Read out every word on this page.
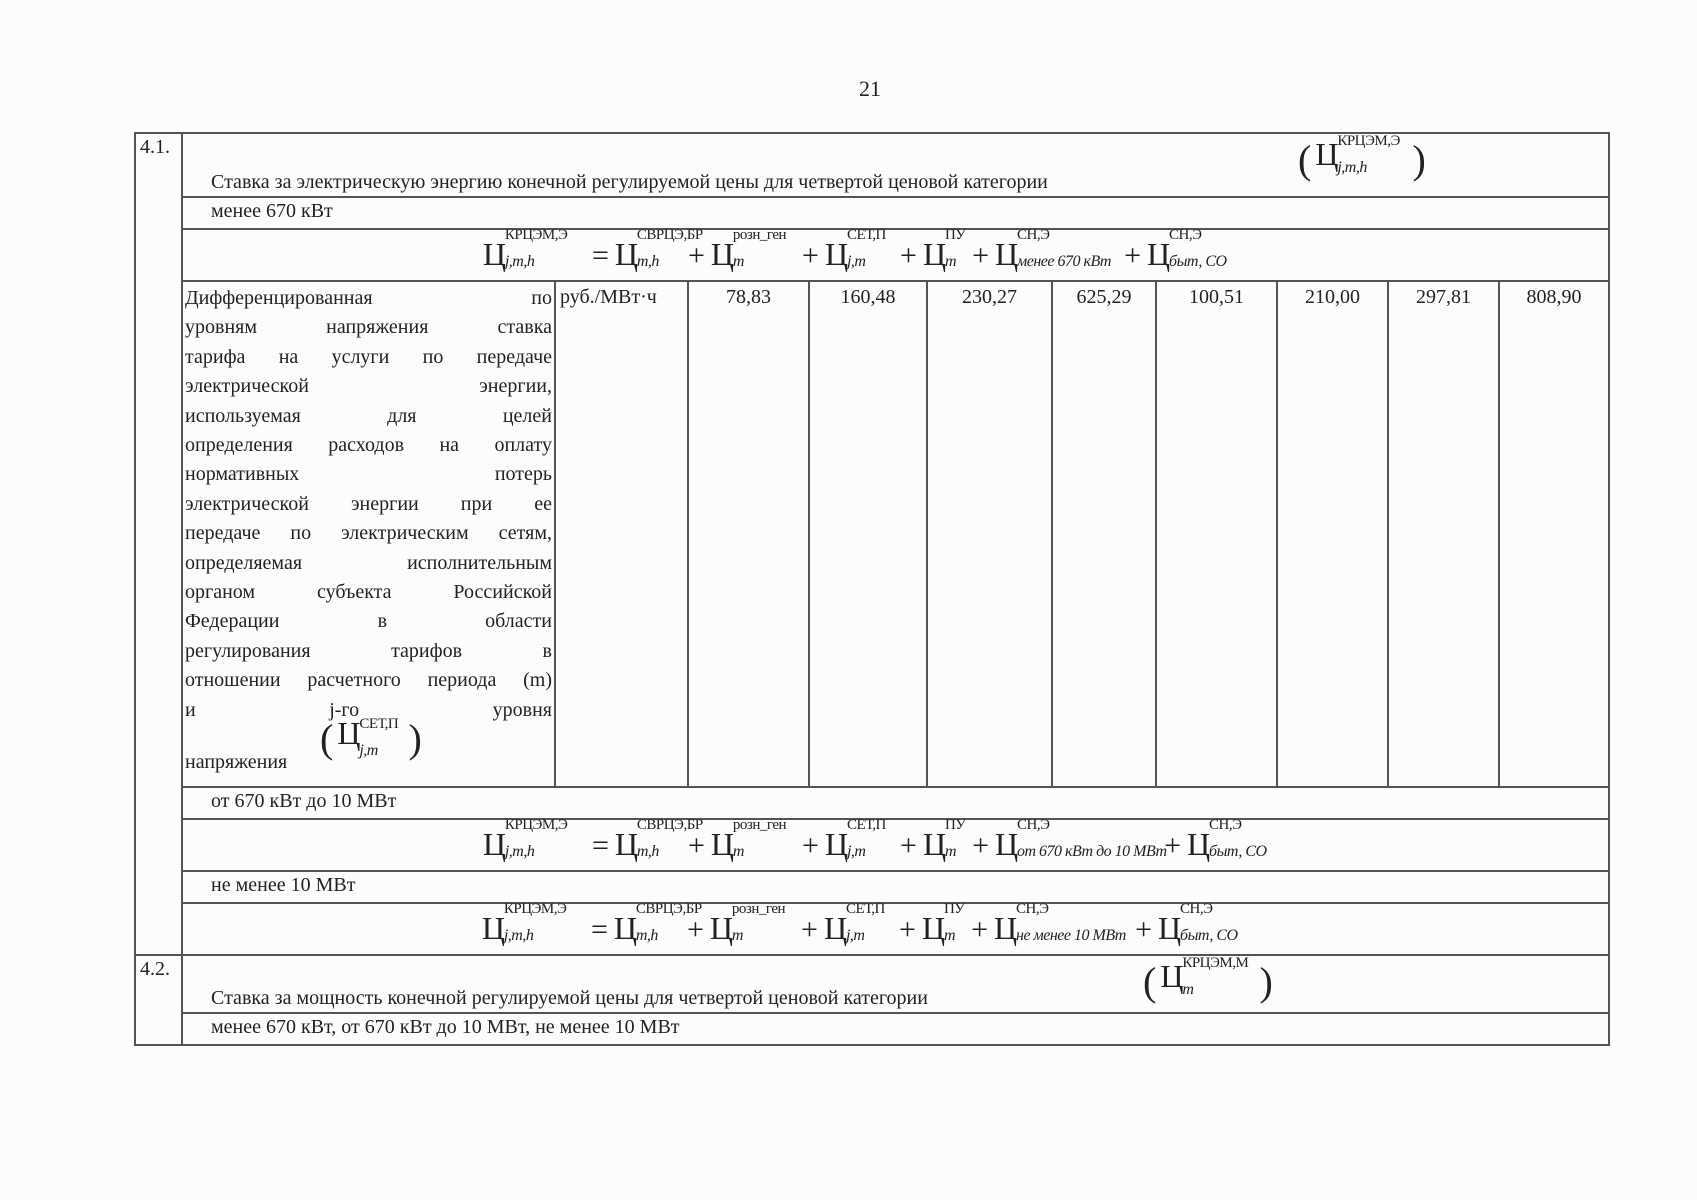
21
4.1.	
Ставка за электрическую энергию конечной регулируемой цены для четвертой ценовой категории
( Ц
КРЦЭМ,Э
j,m,h )

менее 670 кВт
Ц
КРЦЭМ,Э
j,m,h = Ц
СВРЦЭ,БР
m,h + Ц
розн_ген
m + Ц
СЕТ,П
j,m + Ц
ПУ
m + Ц
СН,Э
менее 670 кВт + Ц
СН,Э
быт, СО

Дифференцированная по
уровням напряжения ставка
тарифа на услуги по передаче
электрической энергии,
используемая для целей
определения расходов на оплату
нормативных потерь
электрической энергии при ее
передаче по электрическим сетям,
определяемая исполнительным
органом субъекта Российской
Федерации в области
регулирования тарифов в
отношении расчетного периода (m)
и j-го уровня
напряжения
( Ц
СЕТ,П
j,m )
	руб./МВт·ч	78,83	160,48	230,27	625,29	100,51	210,00	297,81	808,90

от 670 кВт до 10 МВт
Ц
КРЦЭМ,Э
j,m,h = Ц
СВРЦЭ,БР
m,h + Ц
розн_ген
m + Ц
СЕТ,П
j,m + Ц
ПУ
m + Ц
СН,Э
от 670 кВт до 10 МВт
+ Ц
СН,Э
быт, СО

не менее 10 МВт
Ц
КРЦЭМ,Э
j,m,h = Ц
СВРЦЭ,БР
m,h + Ц
розн_ген
m + Ц
СЕТ,П
j,m + Ц
ПУ
m + Ц
СН,Э
не менее 10 МВт + Ц
СН,Э
быт, СО

4.2.	
Ставка за мощность конечной регулируемой цены для четвертой ценовой категории	( Ц
КРЦЭМ,М
m )

менее 670 кВт, от 670 кВт до 10 МВт, не менее 10 МВт
